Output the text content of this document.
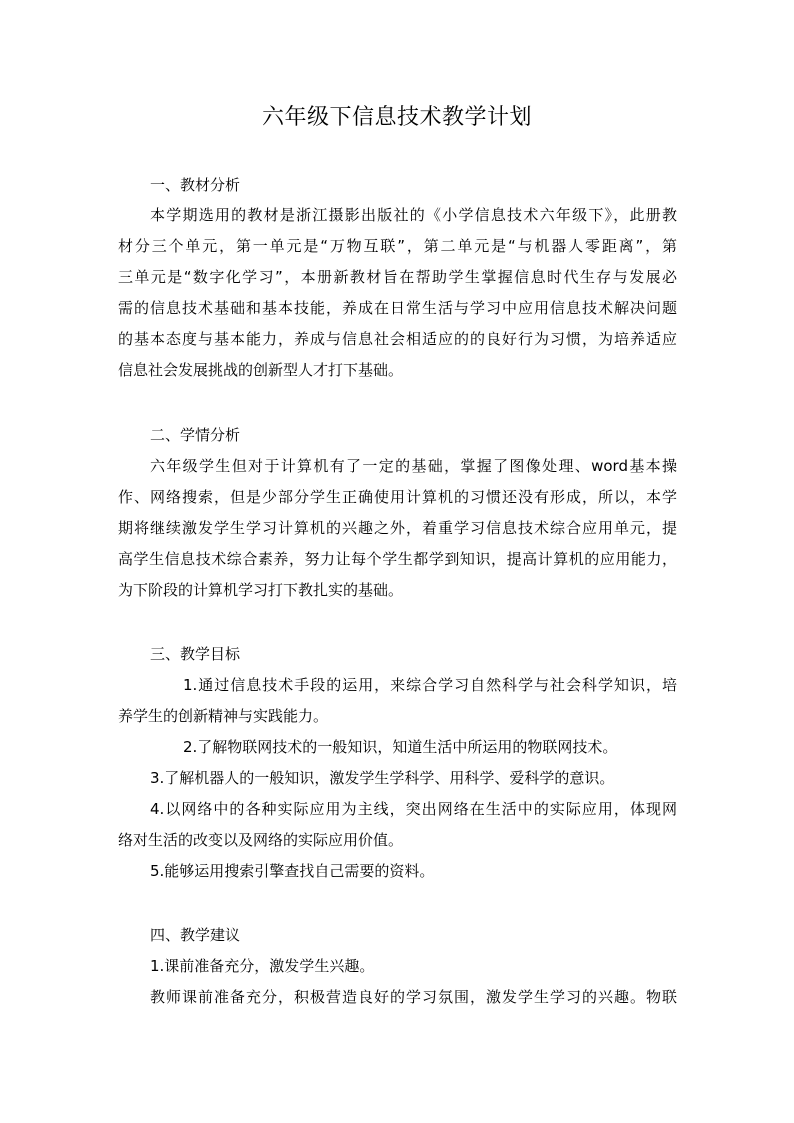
六年级下信息技术教学计划
一、教材分析
本学期选用的教材是浙江摄影出版社的《小学信息技术六年级下》，此册教
材分三个单元，第一单元是“万物互联”，第二单元是“与机器人零距离”，第
三单元是“数字化学习”，本册新教材旨在帮助学生掌握信息时代生存与发展必
需的信息技术基础和基本技能，养成在日常生活与学习中应用信息技术解决问题
的基本态度与基本能力，养成与信息社会相适应的的良好行为习惯，为培养适应
信息社会发展挑战的创新型人才打下基础。
二、学情分析
六年级学生但对于计算机有了一定的基础，掌握了图像处理、word基本操
作、网络搜索，但是少部分学生正确使用计算机的习惯还没有形成，所以，本学
期将继续激发学生学习计算机的兴趣之外，着重学习信息技术综合应用单元，提
高学生信息技术综合素养，努力让每个学生都学到知识，提高计算机的应用能力，
为下阶段的计算机学习打下教扎实的基础。
三、教学目标
1.通过信息技术手段的运用，来综合学习自然科学与社会科学知识，培
养学生的创新精神与实践能力。
2.了解物联网技术的一般知识，知道生活中所运用的物联网技术。
3.了解机器人的一般知识，激发学生学科学、用科学、爱科学的意识。
4.以网络中的各种实际应用为主线，突出网络在生活中的实际应用，体现网
络对生活的改变以及网络的实际应用价值。
5.能够运用搜索引擎查找自己需要的资料。
四、教学建议
1.课前准备充分，激发学生兴趣。
教师课前准备充分，积极营造良好的学习氛围，激发学生学习的兴趣。物联
